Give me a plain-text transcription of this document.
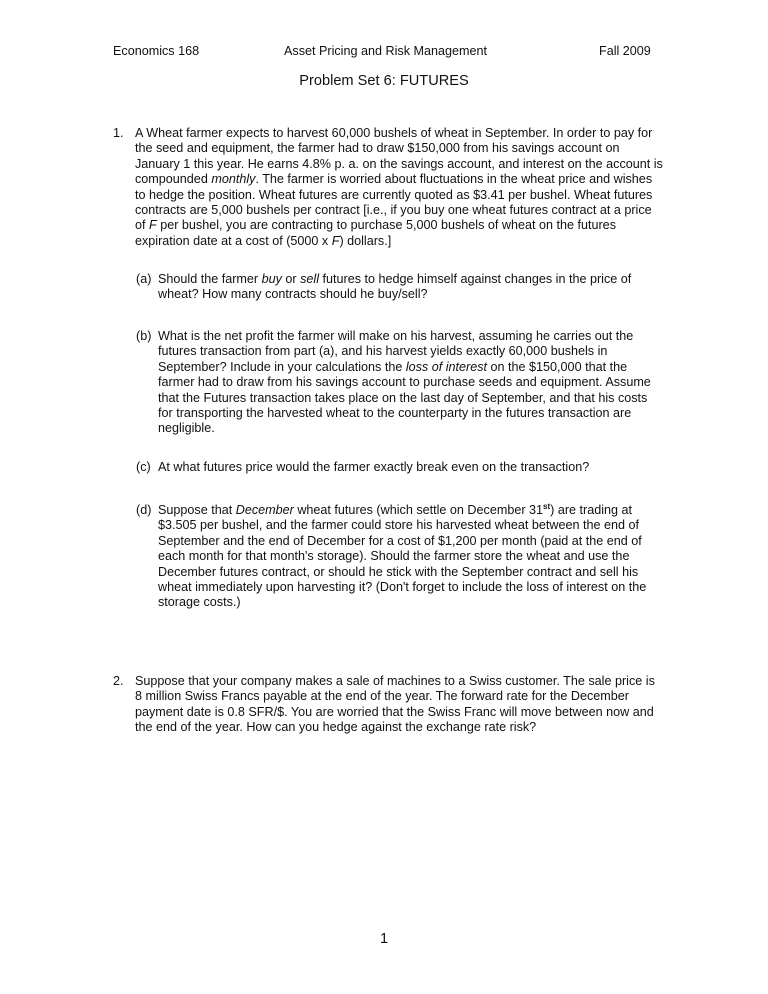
Economics 168	Asset Pricing and Risk Management	Fall 2009
Problem Set 6: FUTURES
1. A Wheat farmer expects to harvest 60,000 bushels of wheat in September. In order to pay for the seed and equipment, the farmer had to draw $150,000 from his savings account on January 1 this year. He earns 4.8% p. a. on the savings account, and interest on the account is compounded monthly. The farmer is worried about fluctuations in the wheat price and wishes to hedge the position. Wheat futures are currently quoted as $3.41 per bushel. Wheat futures contracts are 5,000 bushels per contract [i.e., if you buy one wheat futures contract at a price of F per bushel, you are contracting to purchase 5,000 bushels of wheat on the futures expiration date at a cost of (5000 x F) dollars.]
(a) Should the farmer buy or sell futures to hedge himself against changes in the price of wheat? How many contracts should he buy/sell?
(b) What is the net profit the farmer will make on his harvest, assuming he carries out the futures transaction from part (a), and his harvest yields exactly 60,000 bushels in September? Include in your calculations the loss of interest on the $150,000 that the farmer had to draw from his savings account to purchase seeds and equipment. Assume that the Futures transaction takes place on the last day of September, and that his costs for transporting the harvested wheat to the counterparty in the futures transaction are negligible.
(c) At what futures price would the farmer exactly break even on the transaction?
(d) Suppose that December wheat futures (which settle on December 31st) are trading at $3.505 per bushel, and the farmer could store his harvested wheat between the end of September and the end of December for a cost of $1,200 per month (paid at the end of each month for that month's storage). Should the farmer store the wheat and use the December futures contract, or should he stick with the September contract and sell his wheat immediately upon harvesting it? (Don't forget to include the loss of interest on the storage costs.)
2. Suppose that your company makes a sale of machines to a Swiss customer. The sale price is 8 million Swiss Francs payable at the end of the year. The forward rate for the December payment date is 0.8 SFR/$. You are worried that the Swiss Franc will move between now and the end of the year. How can you hedge against the exchange rate risk?
1
